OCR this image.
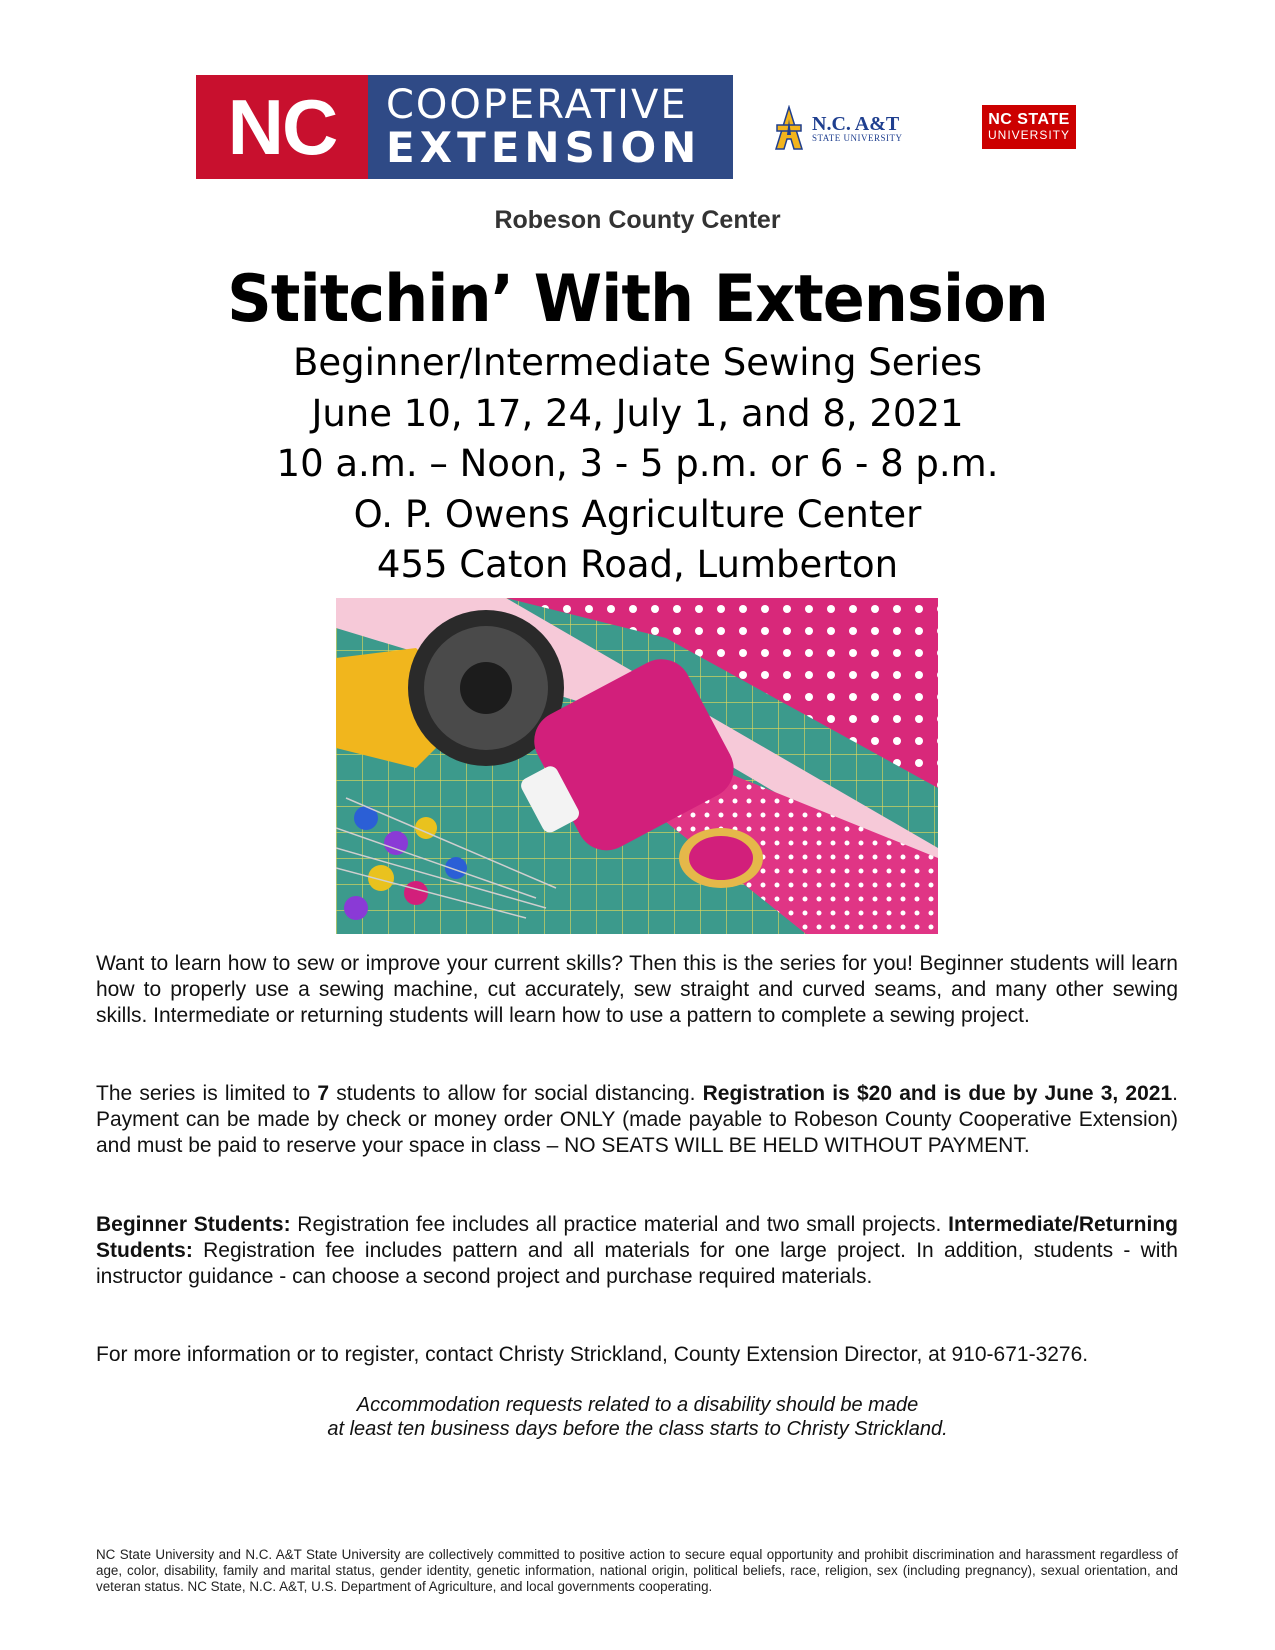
NC	COOPERATIVE
EXTENSION	N.C. A&T
STATE UNIVERSITY
NC STATE
UNIVERSITY
Robeson County Center
Stitchin’ With Extension
Beginner/Intermediate Sewing Series
June 10, 17, 24, July 1, and 8, 2021
10 a.m. – Noon, 3 - 5 p.m. or 6 - 8 p.m.
O. P. Owens Agriculture Center
455 Caton Road, Lumberton
Want to learn how to sew or improve your current skills? Then this is the series for you! Beginner students will learn how to properly use a sewing machine, cut accurately, sew straight and curved seams, and many other sewing skills. Intermediate or returning students will learn how to use a pattern to complete a sewing project.
The series is limited to 7 students to allow for social distancing. Registration is $20 and is due by June 3, 2021. Payment can be made by check or money order ONLY (made payable to Robeson County Cooperative Extension) and must be paid to reserve your space in class – NO SEATS WILL BE HELD WITHOUT PAYMENT.
Beginner Students: Registration fee includes all practice material and two small projects. Intermediate/Returning Students: Registration fee includes pattern and all materials for one large project. In addition, students - with instructor guidance - can choose a second project and purchase required materials.
For more information or to register, contact Christy Strickland, County Extension Director, at 910-671-3276.
Accommodation requests related to a disability should be made
at least ten business days before the class starts to Christy Strickland.
NC State University and N.C. A&T State University are collectively committed to positive action to secure equal opportunity and prohibit discrimination and harassment regardless of age, color, disability, family and marital status, gender identity, genetic information, national origin, political beliefs, race, religion, sex (including pregnancy), sexual orientation, and veteran status. NC State, N.C. A&T, U.S. Department of Agriculture, and local governments cooperating.
